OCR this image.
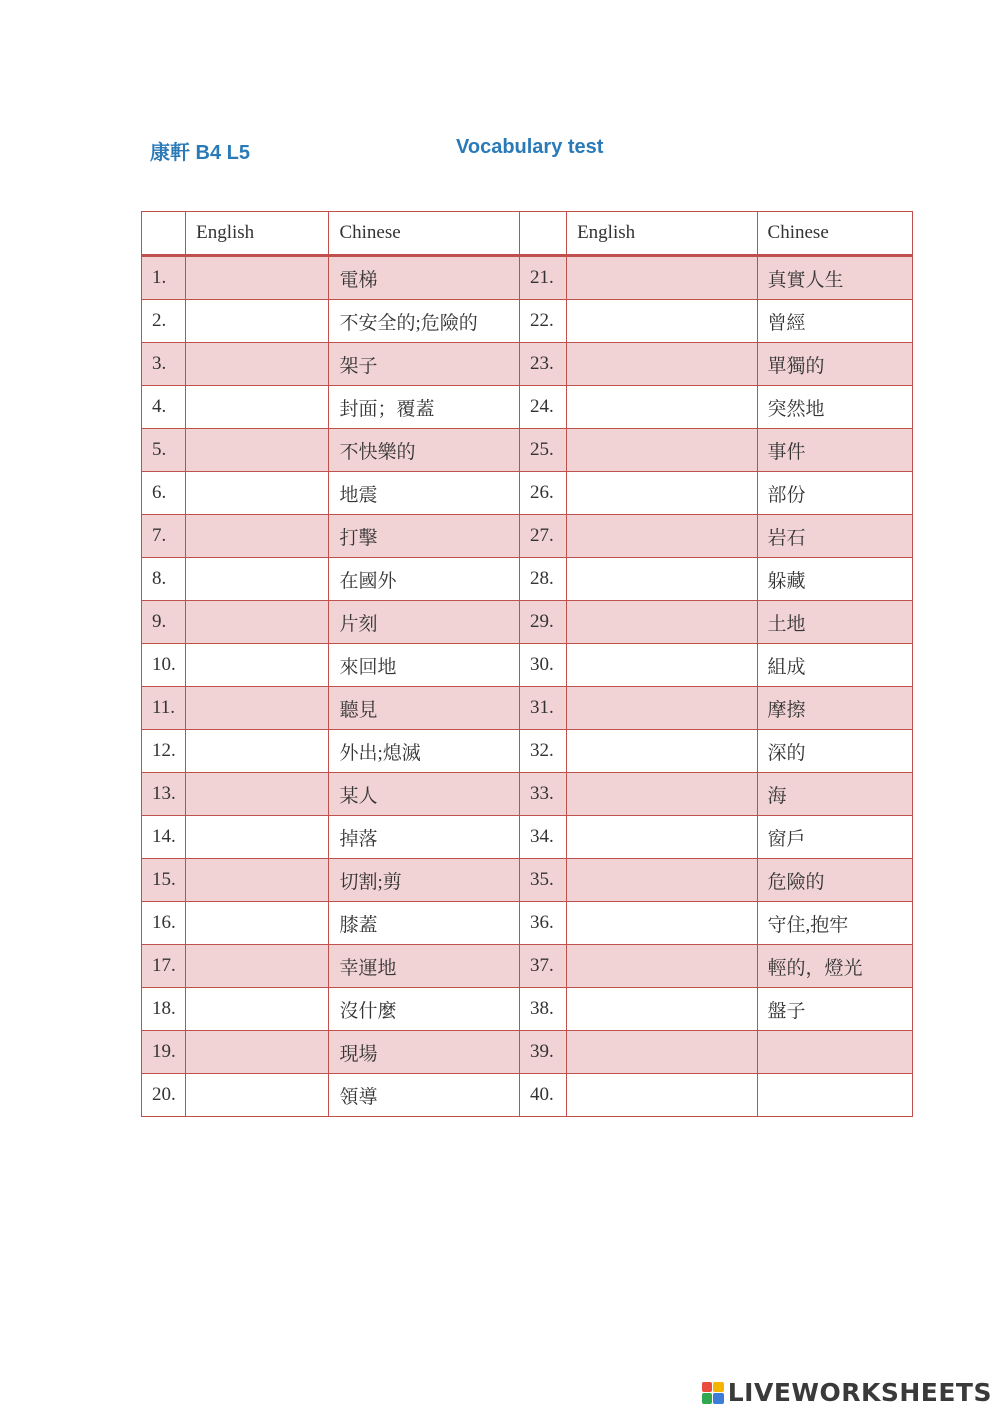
康軒 B4 L5	Vocabulary test
	English	Chinese		English	Chinese
1.		電梯	21.		真實人生
2.		不安全的;危險的	22.		曾經
3.		架子	23.		單獨的
4.		封面；覆蓋	24.		突然地
5.		不快樂的	25.		事件
6.		地震	26.		部份
7.		打擊	27.		岩石
8.		在國外	28.		躲藏
9.		片刻	29.		土地
10.		來回地	30.		組成
11.		聽見	31.		摩擦
12.		外出;熄滅	32.		深的
13.		某人	33.		海
14.		掉落	34.		窗戶
15.		切割;剪	35.		危險的
16.		膝蓋	36.		守住,抱牢
17.		幸運地	37.		輕的，燈光
18.		沒什麼	38.		盤子
19.		現場	39.		
20.		領導	40.		
LIVEWORKSHEETS
